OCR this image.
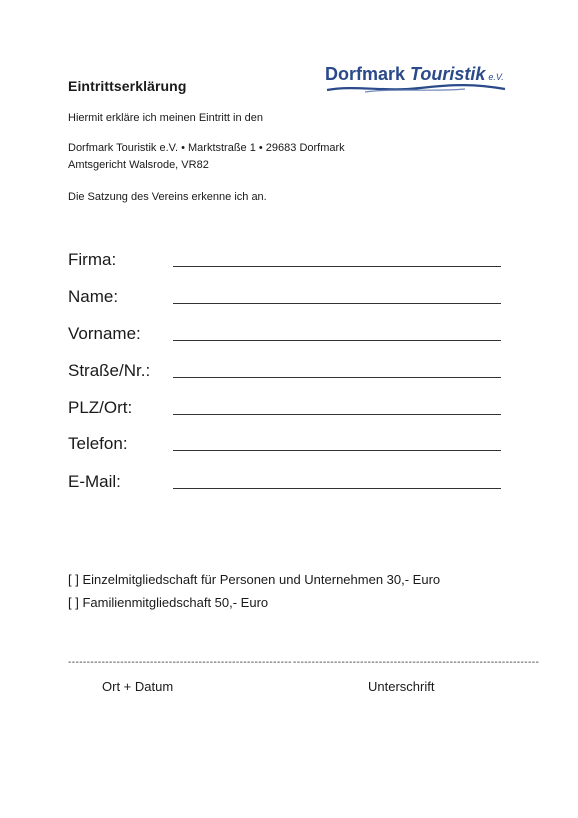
Eintrittserklärung
Dorfmark Touristik e.V.
Hiermit erkläre ich meinen Eintritt in den
Dorfmark Touristik e.V. • Marktstraße 1 • 29683 Dorfmark
Amtsgericht Walsrode, VR82
Die Satzung des Vereins erkenne ich an.
Firma:
Name:
Vorname:
Straße/Nr.:
PLZ/Ort:
Telefon:
E-Mail:
[ ] Einzelmitgliedschaft für Personen und Unternehmen 30,- Euro
[ ] Familienmitgliedschaft 50,- Euro
------------------------------------------------------------ ------------------------------------------------------------------
Ort + Datum	Unterschrift
